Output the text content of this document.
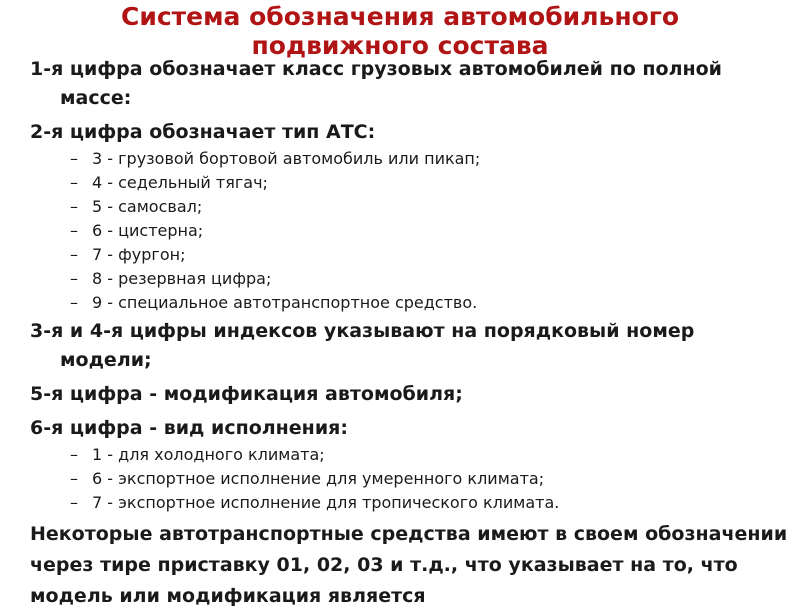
Система обозначения автомобильного
подвижного состава

1-я цифра обозначает класс грузовых автомобилей по полной массе:

2-я цифра обозначает тип АТС:

– 3 - грузовой бортовой автомобиль или пикап;
– 4 - седельный тягач;
– 5 - самосвал;
– 6 - цистерна;
– 7 - фургон;
– 8 - резервная цифра;
– 9 - специальное автотранспортное средство.

3-я и 4-я цифры индексов указывают на порядковый номер модели;

5-я цифра - модификация автомобиля;

6-я цифра - вид исполнения:

– 1 - для холодного климата;
– 6 - экспортное исполнение для умеренного климата;
– 7 - экспортное исполнение для тропического климата.

Некоторые автотранспортные средства имеют в своем обозначении через тире приставку 01, 02, 03 и т.д., что указывает на то, что модель или модификация является
